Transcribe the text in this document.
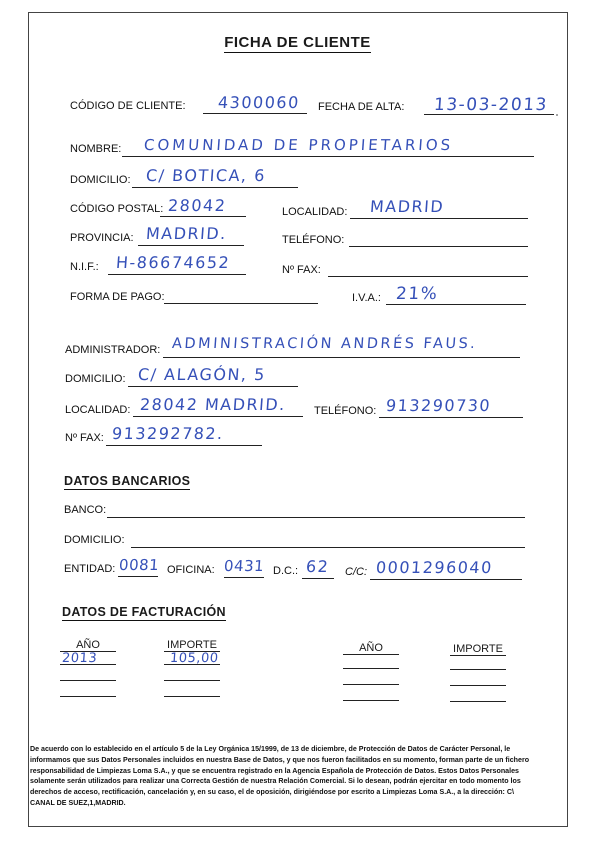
FICHA DE CLIENTE
CÓDIGO DE CLIENTE: 4300060 FECHA DE ALTA: 13-03-2013
NOMBRE: COMUNIDAD DE PROPIETARIOS
DOMICILIO: C/ BOTICA, 6
CÓDIGO POSTAL: 28042	LOCALIDAD: MADRID
PROVINCIA: MADRID.	TELÉFONO:
N.I.F.: H-86674652	Nº FAX:
FORMA DE PAGO:	I.V.A.: 21%
ADMINISTRADOR: ADMINISTRACIÓN ANDRÉS FAUS.
DOMICILIO: C/ ALAGÓN, 5
LOCALIDAD: 28042 MADRID.	TELÉFONO: 913290730
Nº FAX: 913292782.
DATOS BANCARIOS
BANCO:
DOMICILIO:
ENTIDAD: 0081 OFICINA: 0431 D.C.: 62 C/C: 0001296040
DATOS DE FACTURACIÓN
AÑO	IMPORTE	AÑO	IMPORTE
2013	105,00
De acuerdo con lo establecido en el artículo 5 de la Ley Orgánica 15/1999, de 13 de diciembre, de Protección de Datos de Carácter Personal, le informamos que sus Datos Personales incluidos en nuestra Base de Datos, y que nos fueron facilitados en su momento, forman parte de un fichero responsabilidad de Limpiezas Loma S.A., y que se encuentra registrado en la Agencia Española de Protección de Datos. Estos Datos Personales solamente serán utilizados para realizar una Correcta Gestión de nuestra Relación Comercial. Si lo desean, podrán ejercitar en todo momento los derechos de acceso, rectificación, cancelación y, en su caso, el de oposición, dirigiéndose por escrito a Limpiezas Loma S.A., a la dirección: C\ CANAL DE SUEZ,1,MADRID.
